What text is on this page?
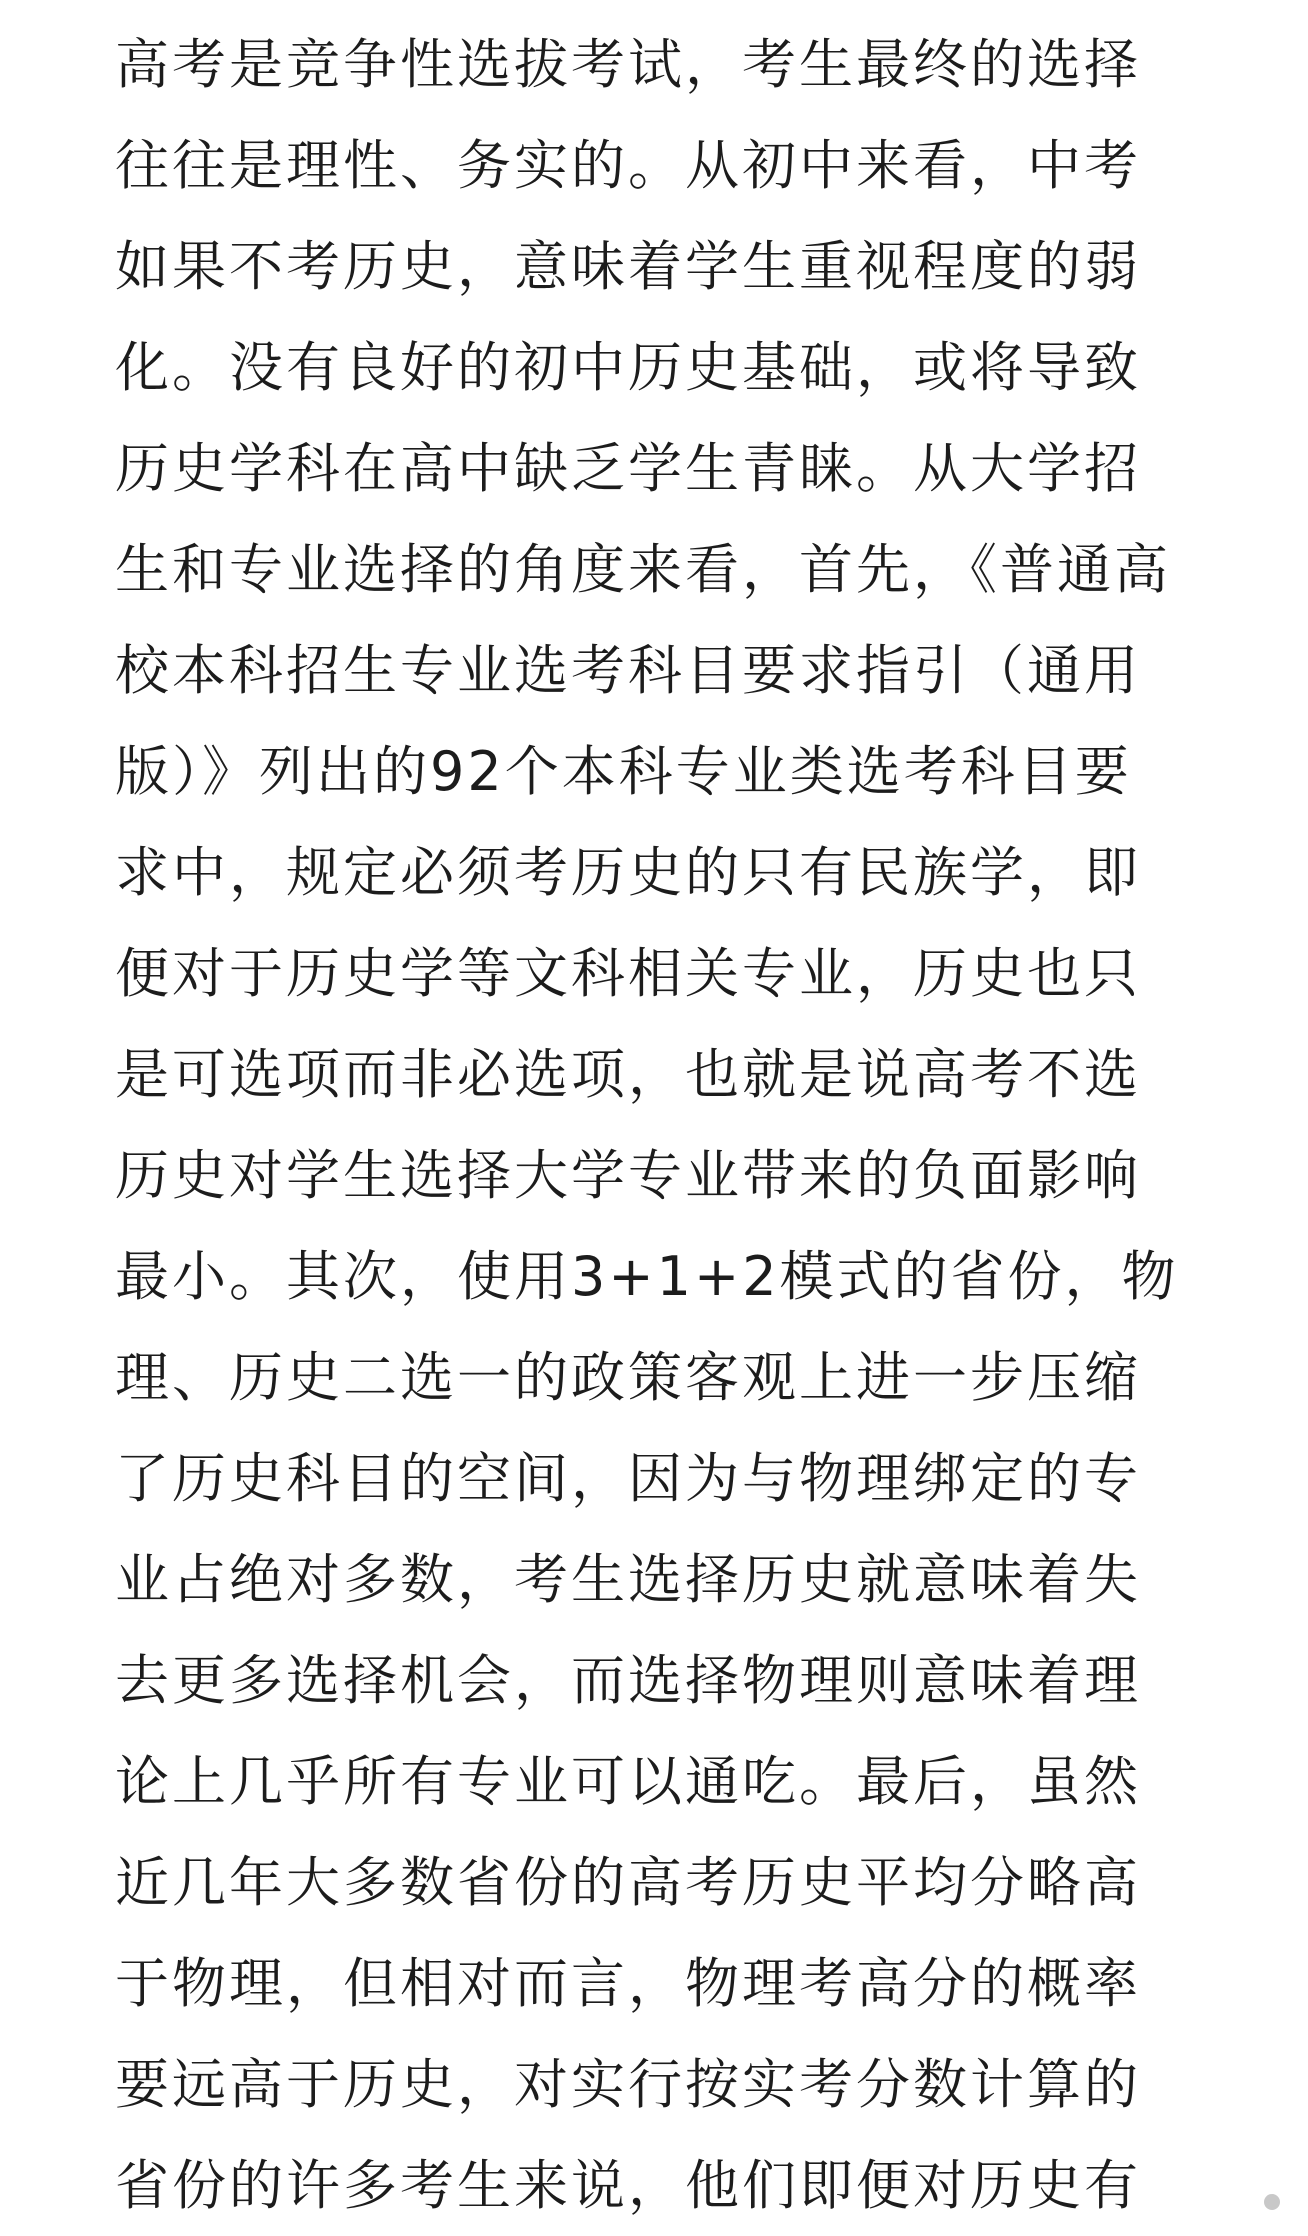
高考是竞争性选拔考试，考生最终的选择
往往是理性、务实的。从初中来看，中考
如果不考历史，意味着学生重视程度的弱
化。没有良好的初中历史基础，或将导致
历史学科在高中缺乏学生青睐。从大学招
生和专业选择的角度来看，首先，《普通高
校本科招生专业选考科目要求指引（通用
版）》列出的92个本科专业类选考科目要
求中，规定必须考历史的只有民族学，即
便对于历史学等文科相关专业，历史也只
是可选项而非必选项，也就是说高考不选
历史对学生选择大学专业带来的负面影响
最小。其次，使用3+1+2模式的省份，物
理、历史二选一的政策客观上进一步压缩
了历史科目的空间，因为与物理绑定的专
业占绝对多数，考生选择历史就意味着失
去更多选择机会，而选择物理则意味着理
论上几乎所有专业可以通吃。最后，虽然
近几年大多数省份的高考历史平均分略高
于物理，但相对而言，物理考高分的概率
要远高于历史，对实行按实考分数计算的
省份的许多考生来说，他们即便对历史有
